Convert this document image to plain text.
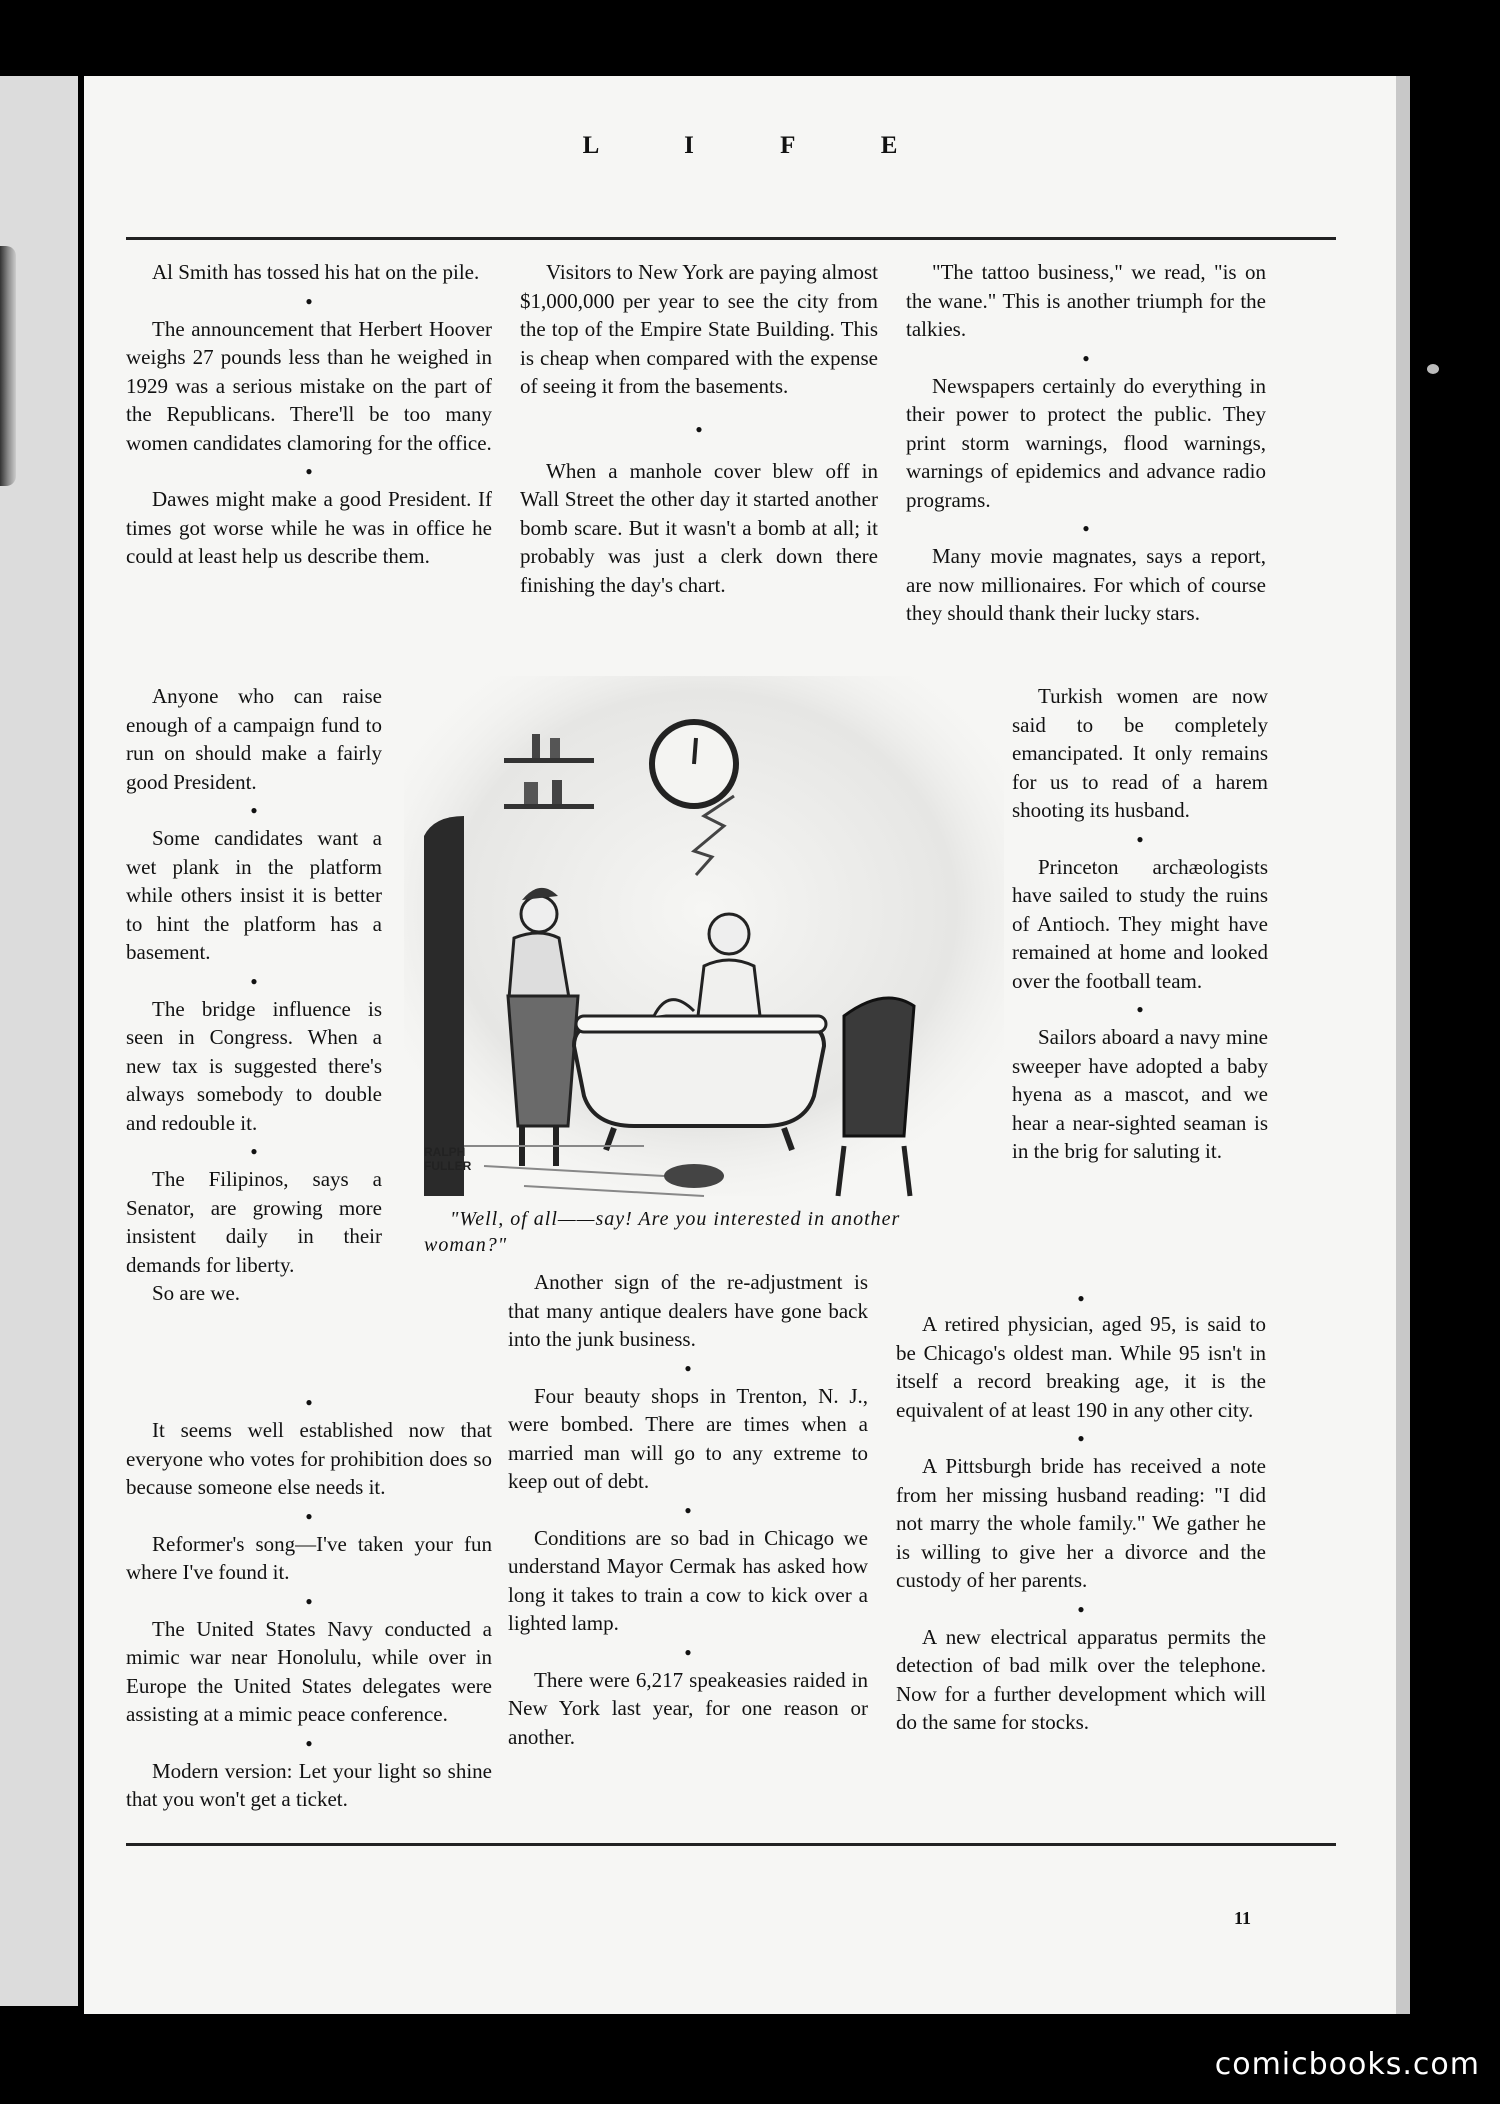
L I F E

Al Smith has tossed his hat on the pile.

●

The announcement that Herbert Hoover weighs 27 pounds less than he weighed in 1929 was a serious mistake on the part of the Republicans. There'll be too many women candidates clamoring for the office.

●

Dawes might make a good President. If times got worse while he was in office he could at least help us describe them.

Visitors to New York are paying almost $1,000,000 per year to see the city from the top of the Empire State Building. This is cheap when compared with the expense of seeing it from the basements.

●

When a manhole cover blew off in Wall Street the other day it started another bomb scare. But it wasn't a bomb at all; it probably was just a clerk down there finishing the day's chart.

"The tattoo business," we read, "is on the wane." This is another triumph for the talkies.

●

Newspapers certainly do everything in their power to protect the public. They print storm warnings, flood warnings, warnings of epidemics and advance radio programs.

●

Many movie magnates, says a report, are now millionaires. For which of course they should thank their lucky stars.

Anyone who can raise enough of a campaign fund to run on should make a fairly good President.

●

Some candidates want a wet plank in the platform while others insist it is better to hint the platform has a basement.

●

The bridge influence is seen in Congress. When a new tax is suggested there's always somebody to double and redouble it.

●

The Filipinos, says a Senator, are growing more insistent daily in their demands for liberty.

So are we.

RALPH
FULLER
"Well, of all——say! Are you interested in another woman?"

Turkish women are now said to be completely emancipated. It only remains for us to read of a harem shooting its husband.

●

Princeton archæologists have sailed to study the ruins of Antioch. They might have remained at home and looked over the football team.

●

Sailors aboard a navy mine sweeper have adopted a baby hyena as a mascot, and we hear a near-sighted seaman is in the brig for saluting it.

●

It seems well established now that everyone who votes for prohibition does so because someone else needs it.

●

Reformer's song—I've taken your fun where I've found it.

●

The United States Navy conducted a mimic war near Honolulu, while over in Europe the United States delegates were assisting at a mimic peace conference.

●

Modern version: Let your light so shine that you won't get a ticket.

Another sign of the re-adjustment is that many antique dealers have gone back into the junk business.

●

Four beauty shops in Trenton, N. J., were bombed. There are times when a married man will go to any extreme to keep out of debt.

●

Conditions are so bad in Chicago we understand Mayor Cermak has asked how long it takes to train a cow to kick over a lighted lamp.

●

There were 6,217 speakeasies raided in New York last year, for one reason or another.

●

A retired physician, aged 95, is said to be Chicago's oldest man. While 95 isn't in itself a record breaking age, it is the equivalent of at least 190 in any other city.

●

A Pittsburgh bride has received a note from her missing husband reading: "I did not marry the whole family." We gather he is willing to give her a divorce and the custody of her parents.

●

A new electrical apparatus permits the detection of bad milk over the telephone. Now for a further development which will do the same for stocks.

11
comicbooks.com
